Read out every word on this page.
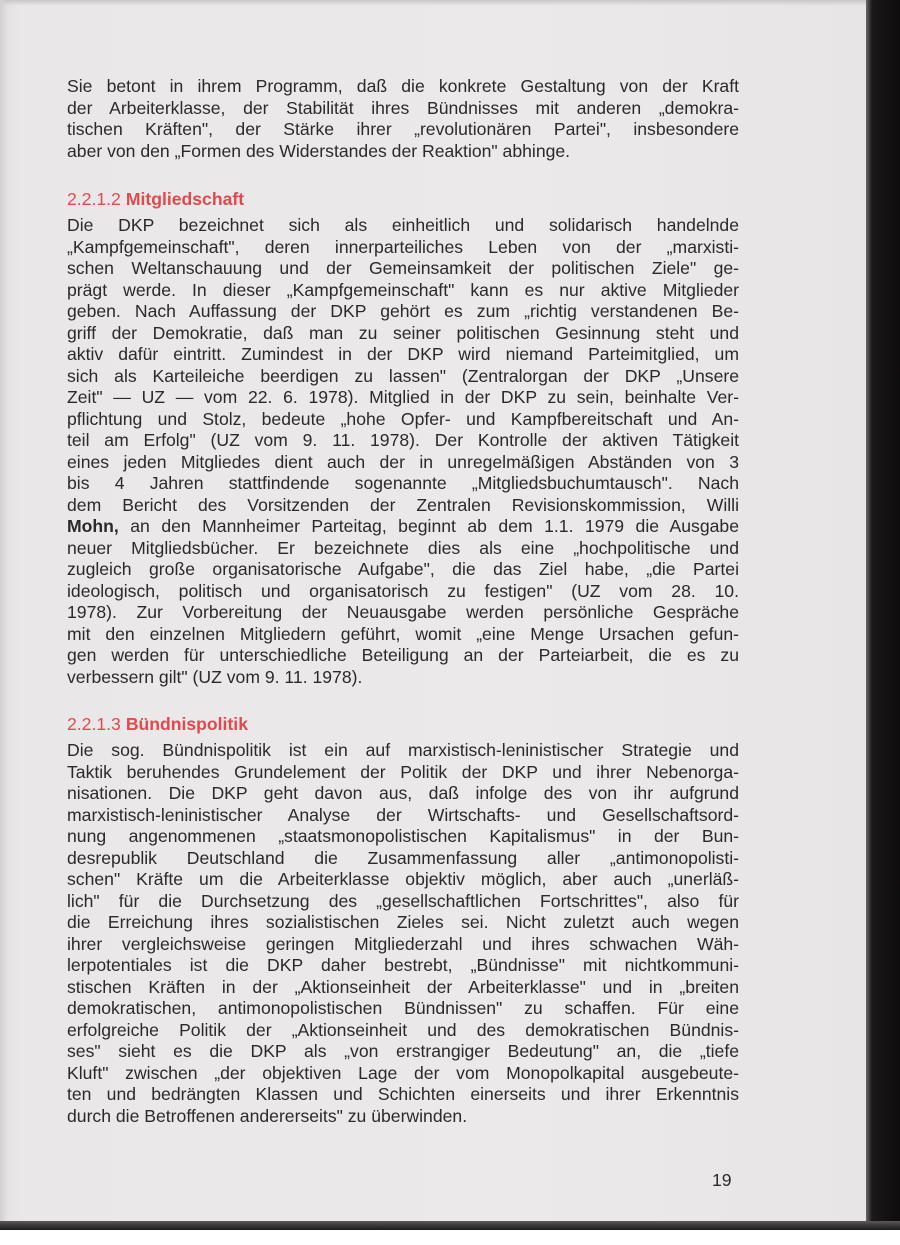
Sie betont in ihrem Programm, daß die konkrete Gestaltung von der Kraft
der Arbeiterklasse, der Stabilität ihres Bündnisses mit anderen „demokra-
tischen Kräften", der Stärke ihrer „revolutionären Partei", insbesondere
aber von den „Formen des Widerstandes der Reaktion" abhinge.
2.2.1.2 Mitgliedschaft
Die DKP bezeichnet sich als einheitlich und solidarisch handelnde
„Kampfgemeinschaft", deren innerparteiliches Leben von der „marxisti-
schen Weltanschauung und der Gemeinsamkeit der politischen Ziele" ge-
prägt werde. In dieser „Kampfgemeinschaft" kann es nur aktive Mitglieder
geben. Nach Auffassung der DKP gehört es zum „richtig verstandenen Be-
griff der Demokratie, daß man zu seiner politischen Gesinnung steht und
aktiv dafür eintritt. Zumindest in der DKP wird niemand Parteimitglied, um
sich als Karteileiche beerdigen zu lassen" (Zentralorgan der DKP „Unsere
Zeit" — UZ — vom 22. 6. 1978). Mitglied in der DKP zu sein, beinhalte Ver-
pflichtung und Stolz, bedeute „hohe Opfer- und Kampfbereitschaft und An-
teil am Erfolg" (UZ vom 9. 11. 1978). Der Kontrolle der aktiven Tätigkeit
eines jeden Mitgliedes dient auch der in unregelmäßigen Abständen von 3
bis 4 Jahren stattfindende sogenannte „Mitgliedsbuchumtausch". Nach
dem Bericht des Vorsitzenden der Zentralen Revisionskommission, Willi
Mohn, an den Mannheimer Parteitag, beginnt ab dem 1.1. 1979 die Ausgabe
neuer Mitgliedsbücher. Er bezeichnete dies als eine „hochpolitische und
zugleich große organisatorische Aufgabe", die das Ziel habe, „die Partei
ideologisch, politisch und organisatorisch zu festigen" (UZ vom 28. 10.
1978). Zur Vorbereitung der Neuausgabe werden persönliche Gespräche
mit den einzelnen Mitgliedern geführt, womit „eine Menge Ursachen gefun-
gen werden für unterschiedliche Beteiligung an der Parteiarbeit, die es zu
verbessern gilt" (UZ vom 9. 11. 1978).
2.2.1.3 Bündnispolitik
Die sog. Bündnispolitik ist ein auf marxistisch-leninistischer Strategie und
Taktik beruhendes Grundelement der Politik der DKP und ihrer Nebenorga-
nisationen. Die DKP geht davon aus, daß infolge des von ihr aufgrund
marxistisch-leninistischer Analyse der Wirtschafts- und Gesellschaftsord-
nung angenommenen „staatsmonopolistischen Kapitalismus" in der Bun-
desrepublik Deutschland die Zusammenfassung aller „antimonopolisti-
schen" Kräfte um die Arbeiterklasse objektiv möglich, aber auch „unerläß-
lich" für die Durchsetzung des „gesellschaftlichen Fortschrittes", also für
die Erreichung ihres sozialistischen Zieles sei. Nicht zuletzt auch wegen
ihrer vergleichsweise geringen Mitgliederzahl und ihres schwachen Wäh-
lerpotentiales ist die DKP daher bestrebt, „Bündnisse" mit nichtkommuni-
stischen Kräften in der „Aktionseinheit der Arbeiterklasse" und in „breiten
demokratischen, antimonopolistischen Bündnissen" zu schaffen. Für eine
erfolgreiche Politik der „Aktionseinheit und des demokratischen Bündnis-
ses" sieht es die DKP als „von erstrangiger Bedeutung" an, die „tiefe
Kluft" zwischen „der objektiven Lage der vom Monopolkapital ausgebeute-
ten und bedrängten Klassen und Schichten einerseits und ihrer Erkenntnis
durch die Betroffenen andererseits" zu überwinden.
19
